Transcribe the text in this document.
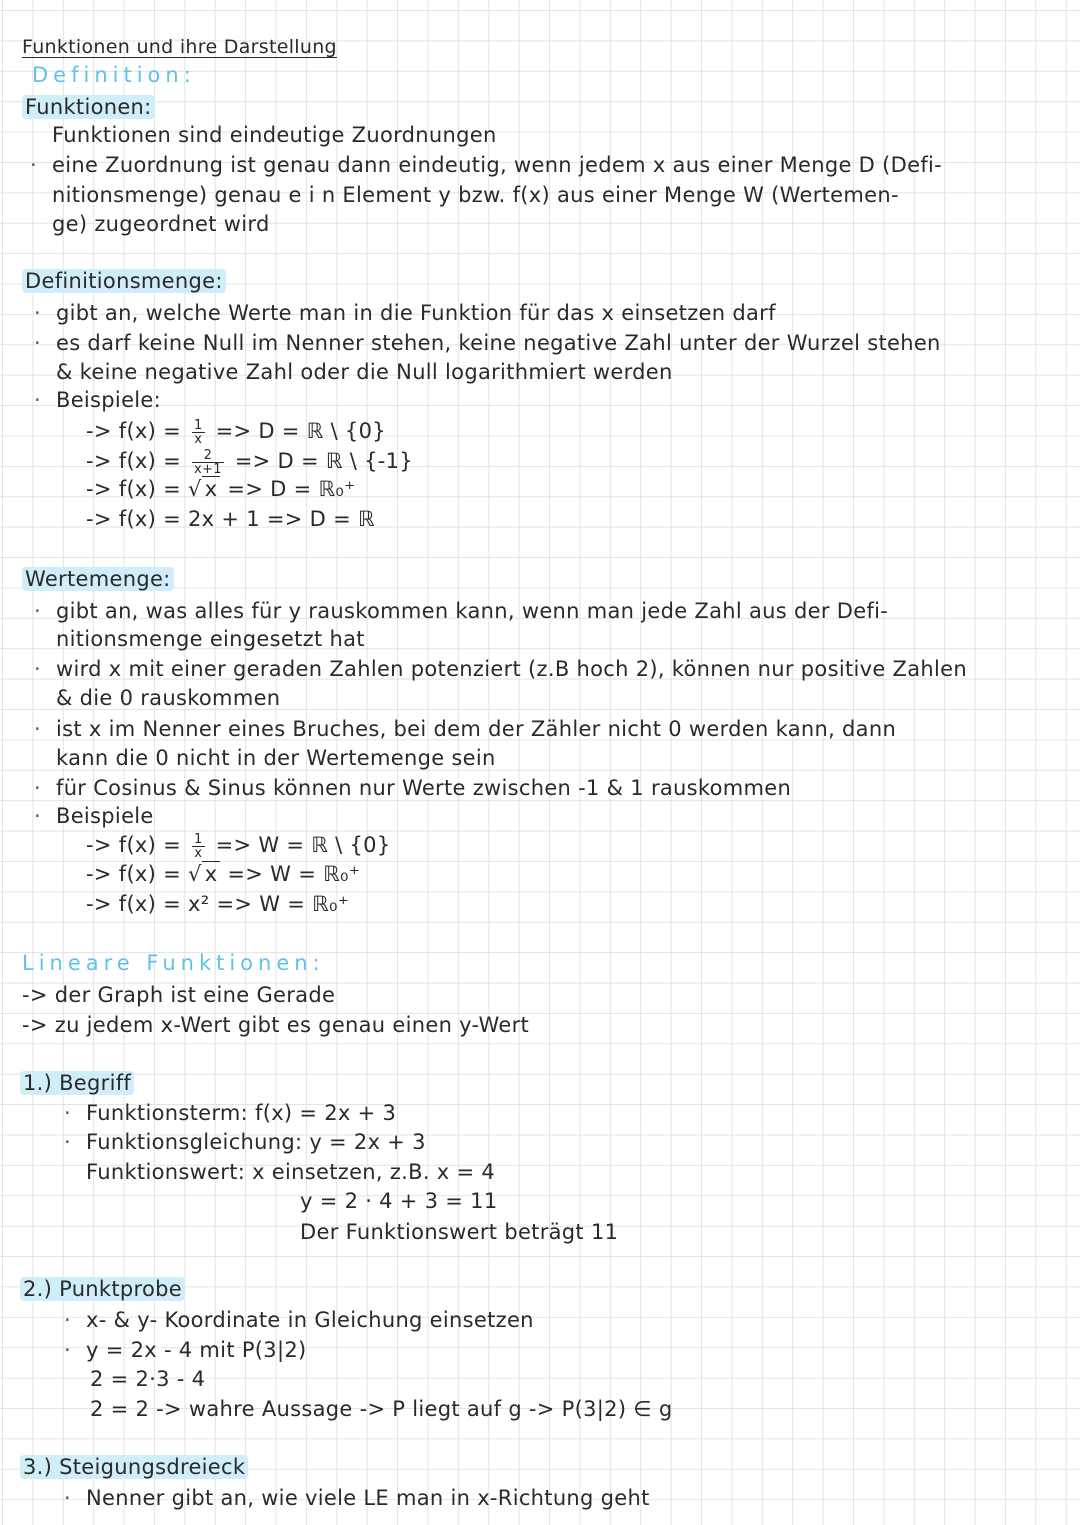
Funktionen und ihre Darstellung
Definition:
Funktionen:
Funktionen sind eindeutige Zuordnungen
· eine Zuordnung ist genau dann eindeutig, wenn jedem x aus einer Menge D (Defi-
nitionsmenge) genau e i n Element y bzw. f(x) aus einer Menge W (Wertemen-
ge) zugeordnet wird
Definitionsmenge:
· gibt an, welche Werte man in die Funktion für das x einsetzen darf
· es darf keine Null im Nenner stehen, keine negative Zahl unter der Wurzel stehen
& keine negative Zahl oder die Null logarithmiert werden
· Beispiele:
-> $f(x) = \frac{1}{x} => D$ = ℝ \ {0}
-> $f(x) = \frac{2}{x+1} => D$ = ℝ \ {-1}
-> f(x) = √ x => D = ℝ₀⁺
-> f(x) = 2x + 1 => D = ℝ
Wertemenge:
· gibt an, was alles für y rauskommen kann, wenn man jede Zahl aus der Defi-
nitionsmenge eingesetzt hat
· wird x mit einer geraden Zahlen potenziert (z.B hoch 2), können nur positive Zahlen
& die 0 rauskommen
· ist x im Nenner eines Bruches, bei dem der Zähler nicht 0 werden kann, dann
kann die 0 nicht in der Wertemenge sein
· für Cosinus & Sinus können nur Werte zwischen -1 & 1 rauskommen
· Beispiele
-> $f(x) = \frac{1}{x} => W$ = ℝ \ {0}
-> f(x) = √ x => W = ℝ₀⁺
-> f(x) = x² => W = ℝ₀⁺
Lineare Funktionen:
-> der Graph ist eine Gerade
-> zu jedem x-Wert gibt es genau einen y-Wert
1.) Begriff
· Funktionsterm: f(x) = 2x + 3
· Funktionsgleichung: y = 2x + 3
Funktionswert: x einsetzen, z.B. x = 4
y = 2 · 4 + 3 = 11
Der Funktionswert beträgt 11
2.) Punktprobe
· x- & y- Koordinate in Gleichung einsetzen
· y = 2x - 4 mit P(3|2)
2 = 2·3 - 4
2 = 2 -> wahre Aussage -> P liegt auf g -> P(3|2) ∈ g
3.) Steigungsdreieck
· Nenner gibt an, wie viele LE man in x-Richtung geht
